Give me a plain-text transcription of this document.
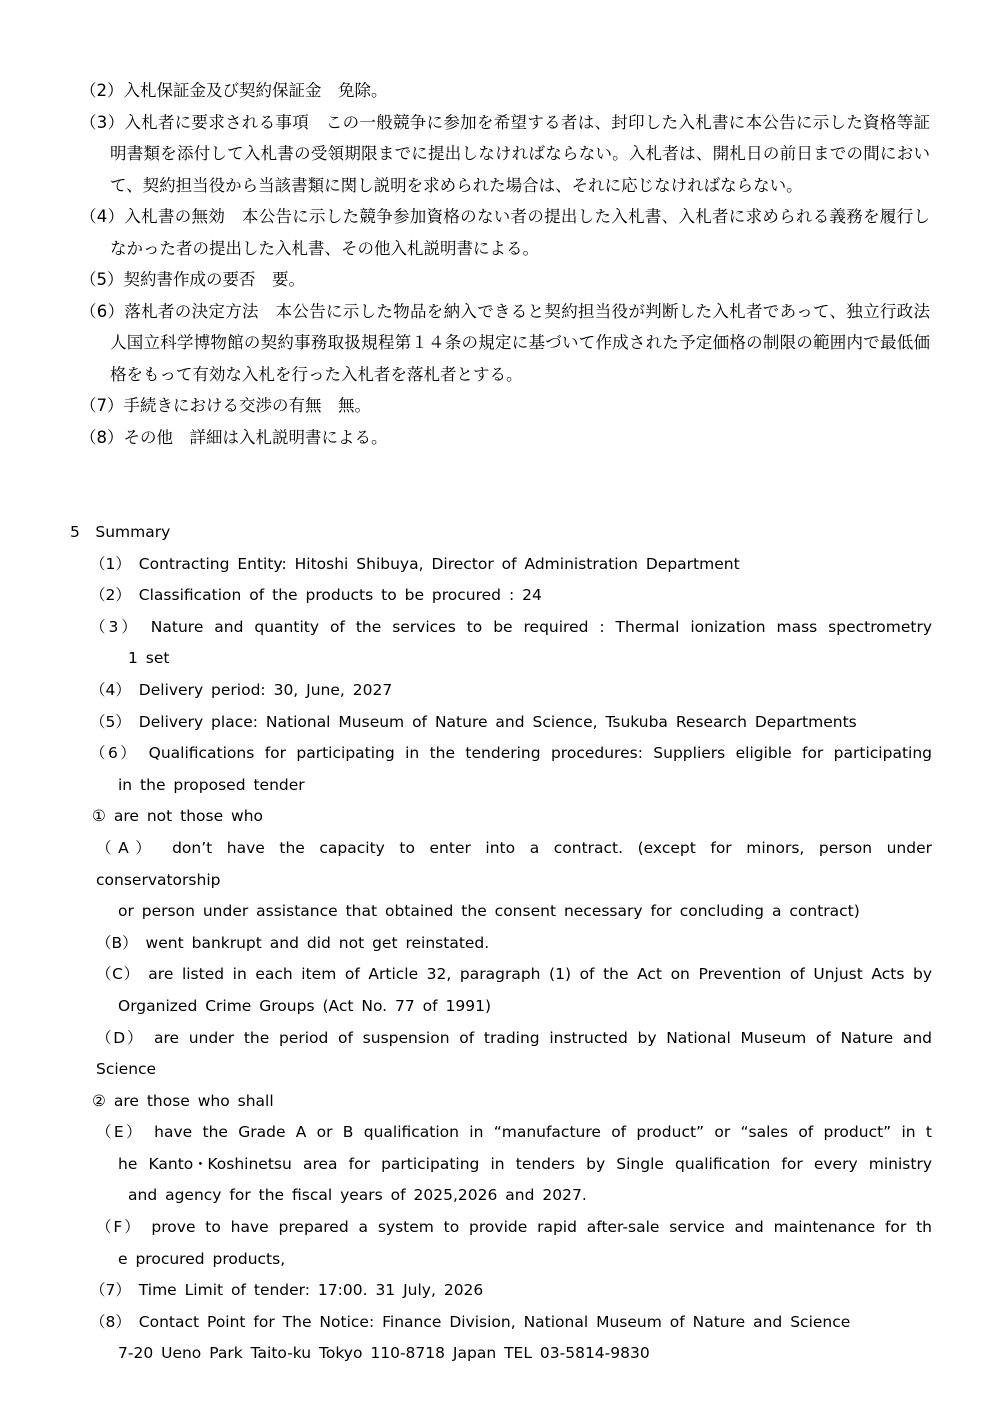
（2）入札保証金及び契約保証金　免除。
（3）入札者に要求される事項　この一般競争に参加を希望する者は、封印した入札書に本公告に示した資格等証明書類を添付して入札書の受領期限までに提出しなければならない。入札者は、開札日の前日までの間において、契約担当役から当該書類に関し説明を求められた場合は、それに応じなければならない。
（4）入札書の無効　本公告に示した競争参加資格のない者の提出した入札書、入札者に求められる義務を履行しなかった者の提出した入札書、その他入札説明書による。
（5）契約書作成の要否　要。
（6）落札者の決定方法　本公告に示した物品を納入できると契約担当役が判断した入札者であって、独立行政法人国立科学博物館の契約事務取扱規程第１４条の規定に基づいて作成された予定価格の制限の範囲内で最低価格をもって有効な入札を行った入札者を落札者とする。
（7）手続きにおける交渉の有無　無。
（8）その他　詳細は入札説明書による。
5　Summary
（1） Contracting Entity: Hitoshi Shibuya, Director of Administration Department
（2） Classification of the products to be procured : 24
（3） Nature and quantity of the services to be required : Thermal ionization mass spectrometry
1 set
（4） Delivery period: 30, June, 2027
（5） Delivery place: National Museum of Nature and Science, Tsukuba Research Departments
（6） Qualifications for participating in the tendering procedures: Suppliers eligible for participating
in the proposed tender
① are not those who
（A） don’t have the capacity to enter into a contract. (except for minors, person under conservatorship
or person under assistance that obtained the consent necessary for concluding a contract)
（B） went bankrupt and did not get reinstated.
（C） are listed in each item of Article 32, paragraph (1) of the Act on Prevention of Unjust Acts by
Organized Crime Groups (Act No. 77 of 1991)
（D） are under the period of suspension of trading instructed by National Museum of Nature and Science
② are those who shall
（E） have the Grade A or B qualification in “manufacture of product” or “sales of product” in t
he Kanto･Koshinetsu area for participating in tenders by Single qualification for every ministry
and agency for the fiscal years of 2025,2026 and 2027.
（F） prove to have prepared a system to provide rapid after-sale service and maintenance for th
e procured products,
（7） Time Limit of tender: 17:00. 31 July, 2026
（8） Contact Point for The Notice: Finance Division, National Museum of Nature and Science
7-20 Ueno Park Taito-ku Tokyo 110-8718 Japan TEL 03-5814-9830
